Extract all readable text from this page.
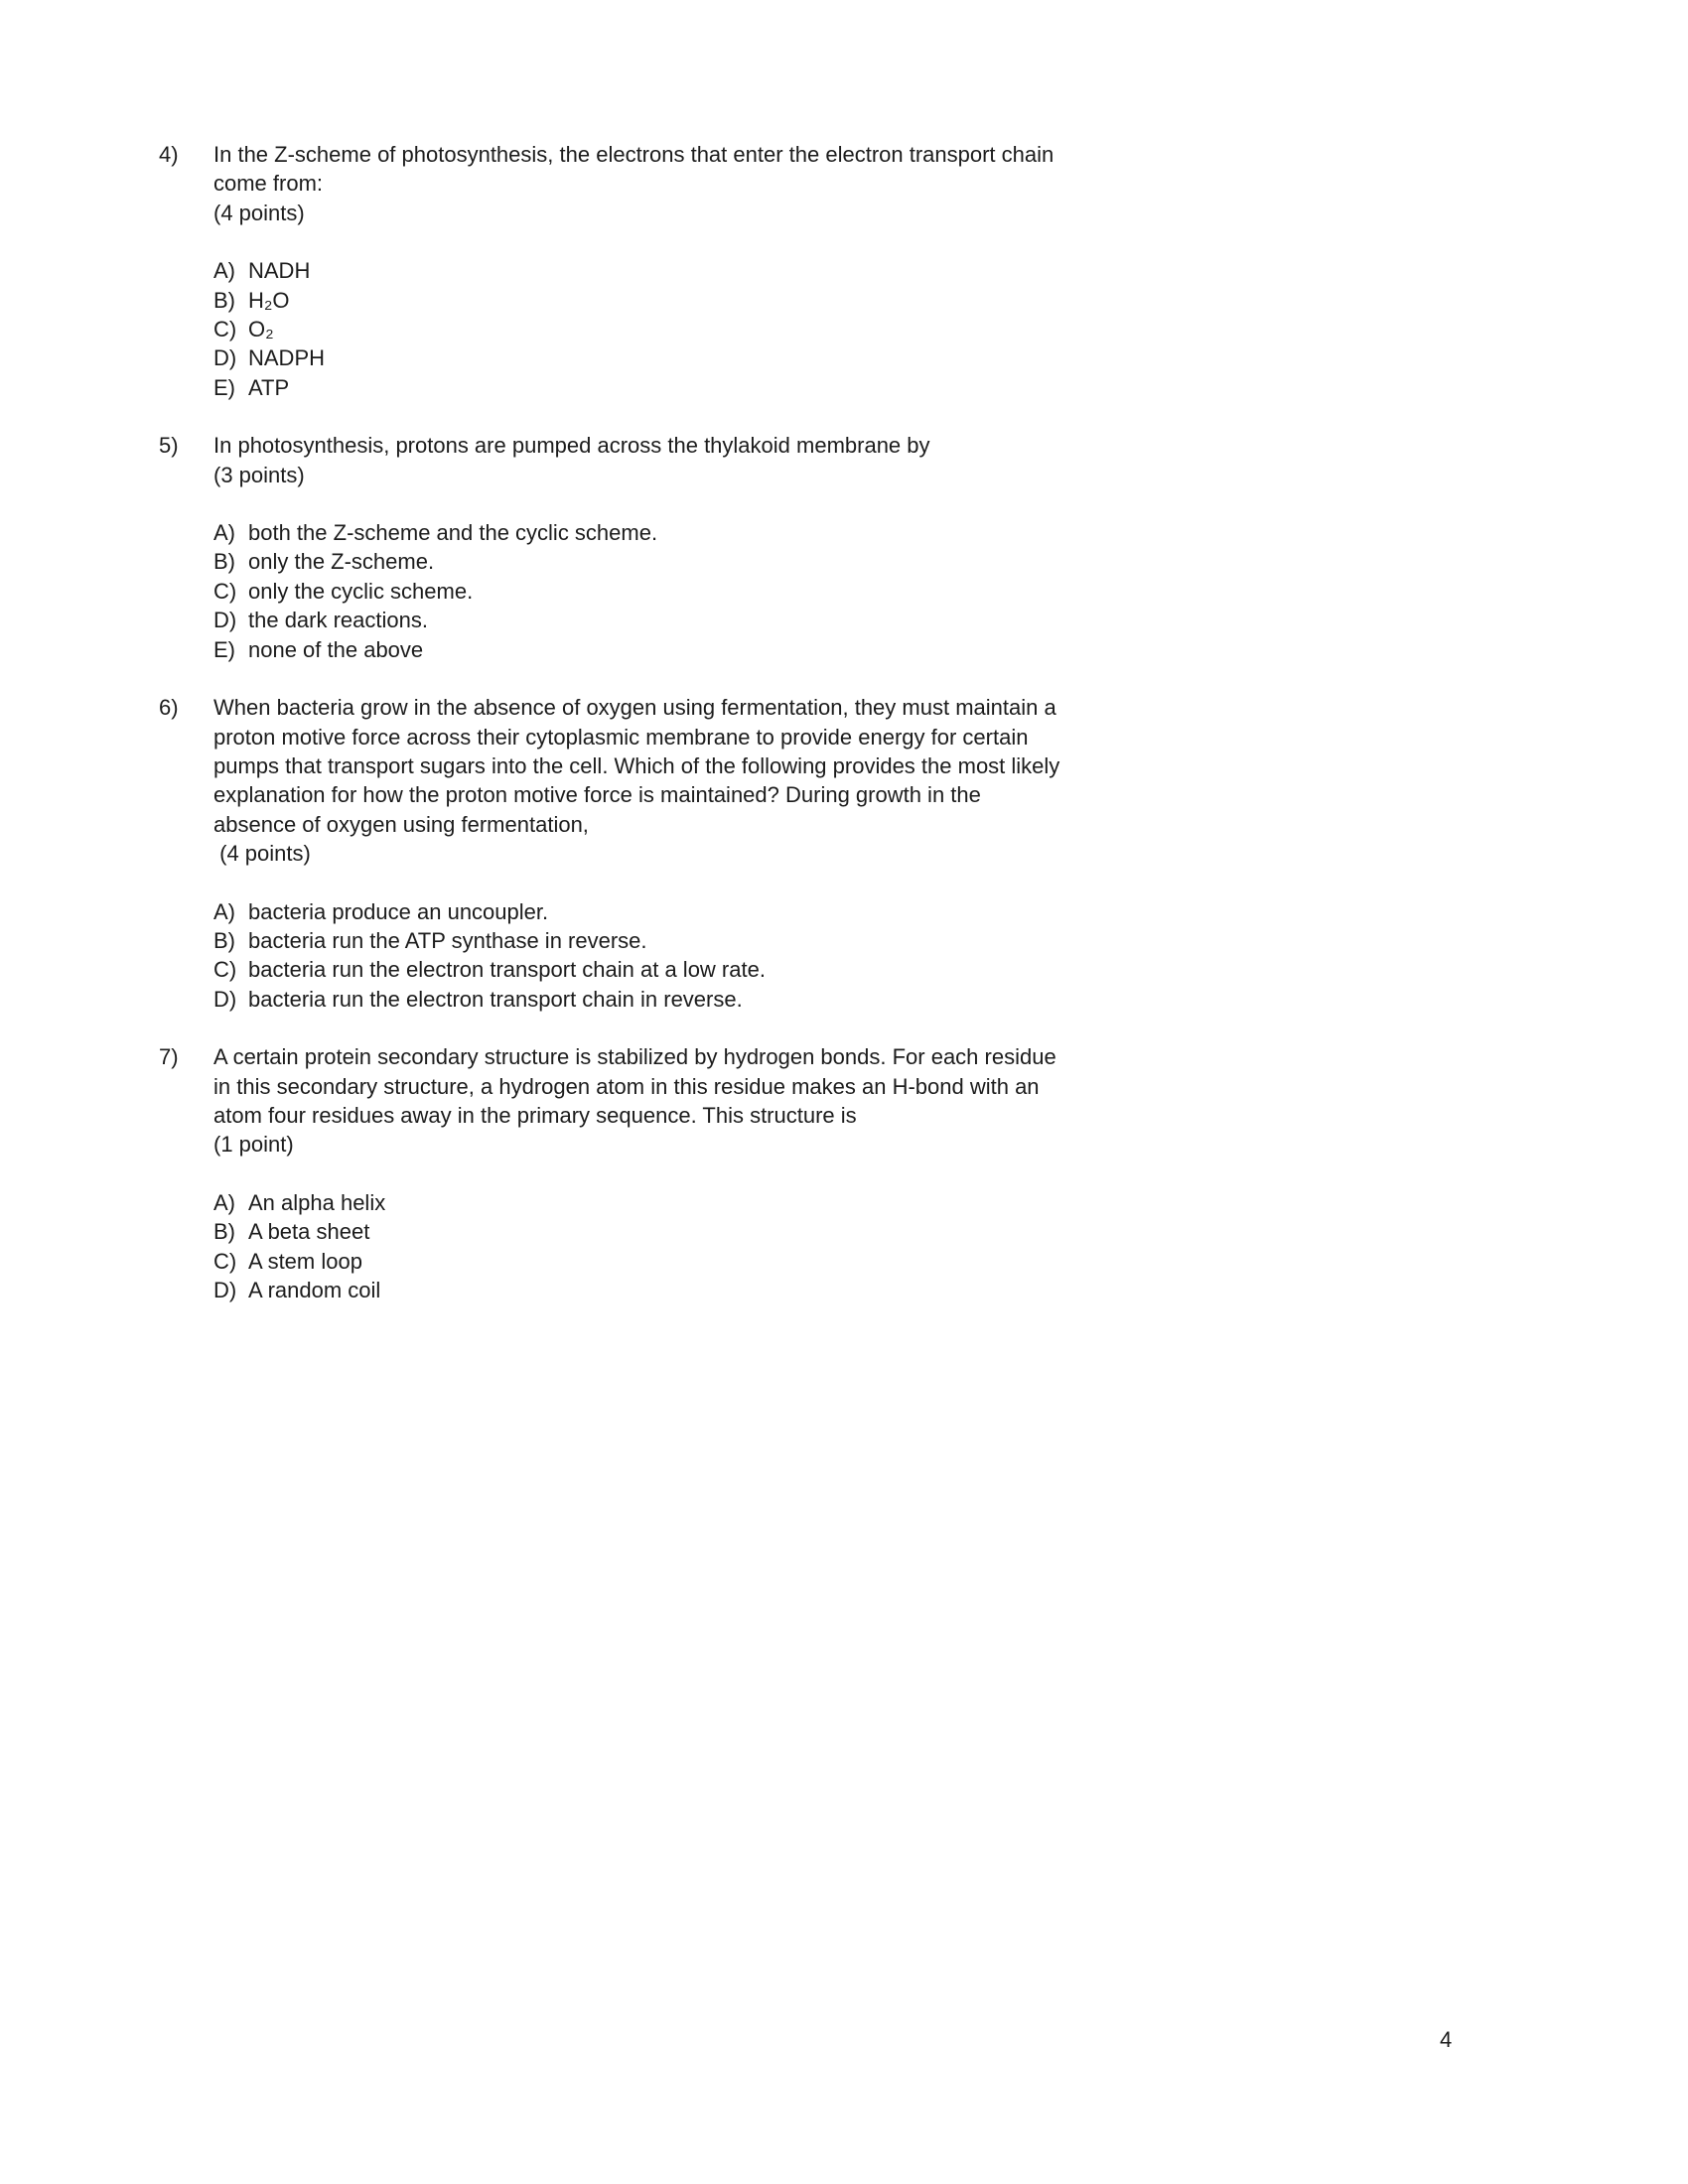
4)	In the Z-scheme of photosynthesis, the electrons that enter the electron transport chain come from:
(4 points)
A) NADH
B) H₂O
C) O₂
D) NADPH
E) ATP
5)	In photosynthesis, protons are pumped across the thylakoid membrane by
(3 points)
A) both the Z-scheme and the cyclic scheme.
B) only the Z-scheme.
C) only the cyclic scheme.
D) the dark reactions.
E) none of the above
6)	When bacteria grow in the absence of oxygen using fermentation, they must maintain a proton motive force across their cytoplasmic membrane to provide energy for certain pumps that transport sugars into the cell. Which of the following provides the most likely explanation for how the proton motive force is maintained? During growth in the absence of oxygen using fermentation,
(4 points)
A) bacteria produce an uncoupler.
B) bacteria run the ATP synthase in reverse.
C) bacteria run the electron transport chain at a low rate.
D) bacteria run the electron transport chain in reverse.
7)	A certain protein secondary structure is stabilized by hydrogen bonds. For each residue in this secondary structure, a hydrogen atom in this residue makes an H-bond with an atom four residues away in the primary sequence. This structure is
(1 point)
A) An alpha helix
B) A beta sheet
C) A stem loop
D) A random coil
4
